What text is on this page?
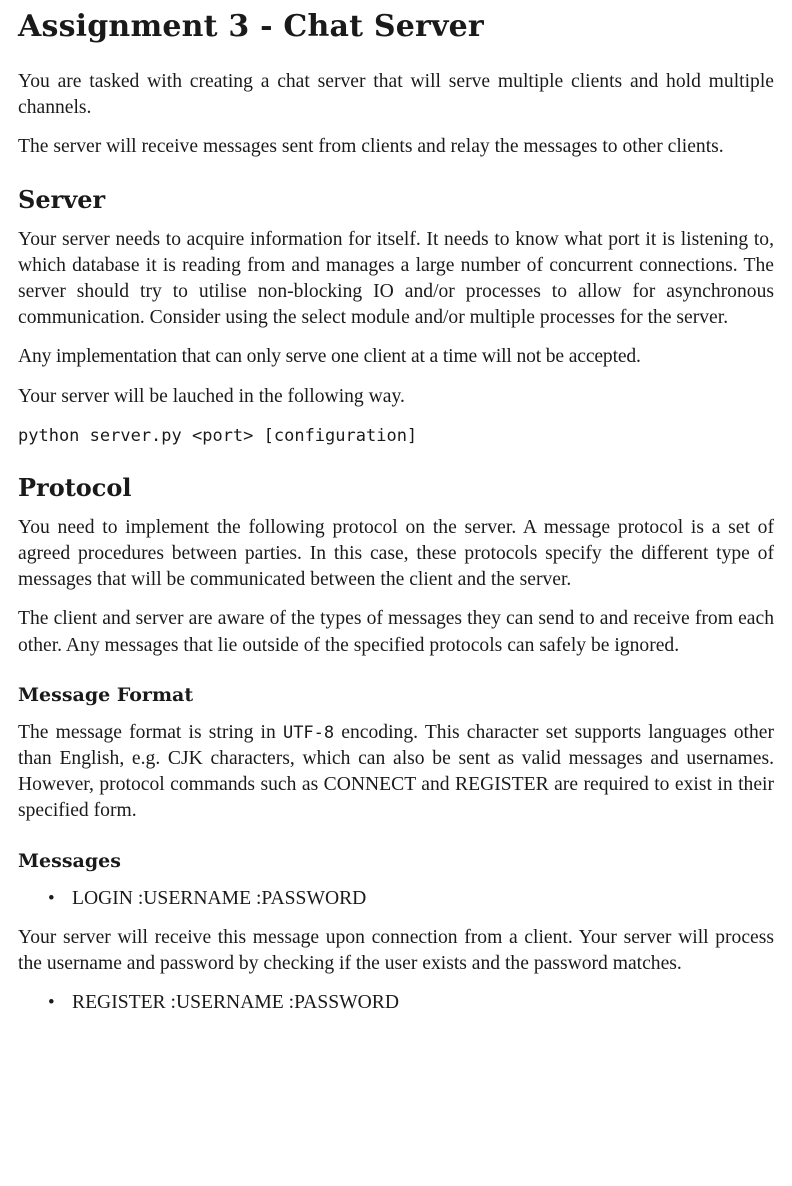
Assignment 3 - Chat Server

You are tasked with creating a chat server that will serve multiple clients and hold multiple channels.

The server will receive messages sent from clients and relay the messages to other clients.

Server

Your server needs to acquire information for itself. It needs to know what port it is listening to, which database it is reading from and manages a large number of concurrent connections. The server should try to utilise non-blocking IO and/or processes to allow for asynchronous communication. Consider using the select module and/or multiple processes for the server.

Any implementation that can only serve one client at a time will not be accepted.

Your server will be lauched in the following way.

python server.py <port> [configuration]
Protocol

You need to implement the following protocol on the server. A message protocol is a set of agreed procedures between parties. In this case, these protocols specify the different type of messages that will be communicated between the client and the server.

The client and server are aware of the types of messages they can send to and receive from each other. Any messages that lie outside of the specified protocols can safely be ignored.

Message Format

The message format is string in UTF-8 encoding. This character set supports languages other than English, e.g. CJK characters, which can also be sent as valid messages and usernames. However, protocol commands such as CONNECT and REGISTER are required to exist in their specified form.

Messages
• LOGIN :USERNAME :PASSWORD

Your server will receive this message upon connection from a client. Your server will process the username and password by checking if the user exists and the password matches.

• REGISTER :USERNAME :PASSWORD
